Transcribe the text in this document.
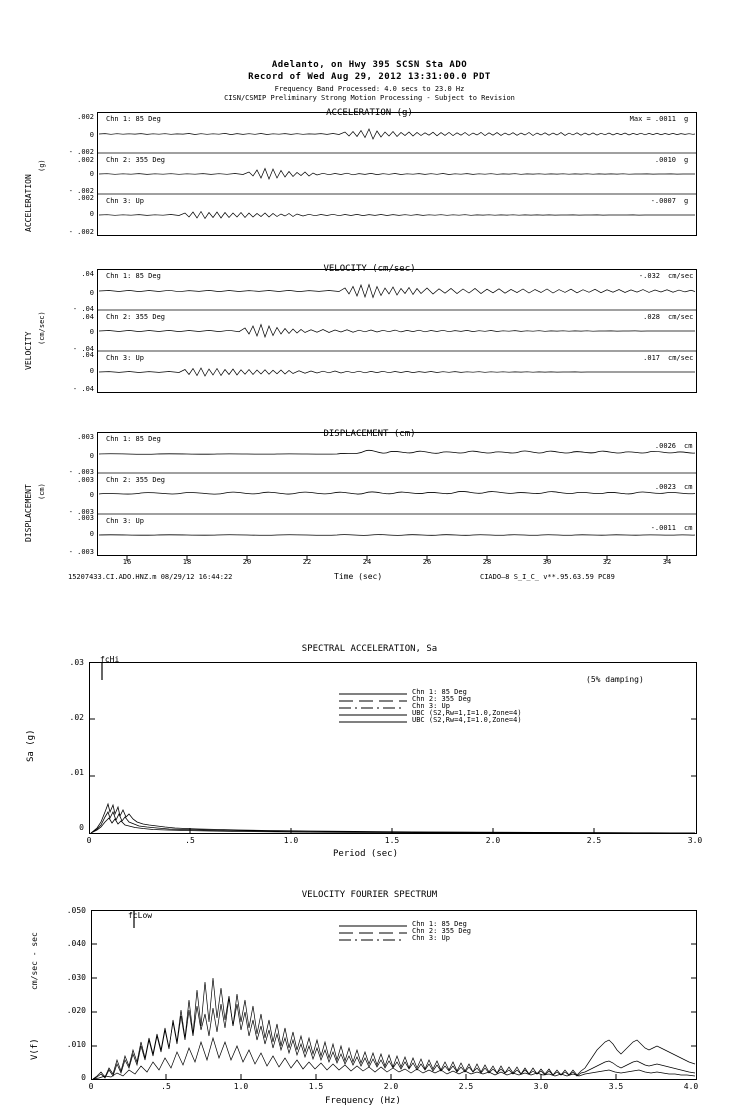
Adelanto, on Hwy 395 SCSN Sta ADO
Record of Wed Aug 29, 2012 13:31:00.0 PDT
Frequency Band Processed: 4.0 secs to 23.0 Hz
CISN/CSMIP Preliminary Strong Motion Processing - Subject to Revision
ACCELERATION (g)
ACCELERATION
(g)
.002
0
- .002
.002
0
- .002
.002
0
- .002
Chn 1: 85 Deg
Chn 2: 355 Deg
Chn 3: Up
Max = .0011 g
.0010 g
-.0007 g
VELOCITY (cm/sec)
VELOCITY
(cm/sec)
.04
0
- .04
.04
0
- .04
.04
0
- .04
Chn 1: 85 Deg
Chn 2: 355 Deg
Chn 3: Up
-.032 cm/sec
.028 cm/sec
.017 cm/sec
DISPLACEMENT (cm)
DISPLACEMENT (cm)
.003
0
- .003
.003
0
- .003
.003
0
- .003
Chn 1: 85 Deg
Chn 2: 355 Deg
Chn 3: Up
.0026 cm
.0023 cm
-.0011 cm
16	18	20	22	24	26	28	30	32	34
15207433.CI.ADO.HNZ.m 08/29/12 16:44:22	Time (sec)	CIADO—8 S_I_C_ v**.95.63.59 PC89
SPECTRAL ACCELERATION, Sa
Sa (g)
.03
.02
.01
0
fcHi
(5% damping)
Chn 1: 85 Deg
Chn 2: 355 Deg
Chn 3: Up
UBC (S2,Rw=1,I=1.0,Zone=4)
UBC (S2,Rw=4,I=1.0,Zone=4)
0	.5	1.0	1.5	2.0	2.5	3.0
Period (sec)
VELOCITY FOURIER SPECTRUM
cm/sec - sec
V(f)
.050
.040
.030
.020
.010
0
fcLow
Chn 1: 85 Deg
Chn 2: 355 Deg
Chn 3: Up
0	.5	1.0	1.5	2.0	2.5	3.0	3.5	4.0
Frequency (Hz)
